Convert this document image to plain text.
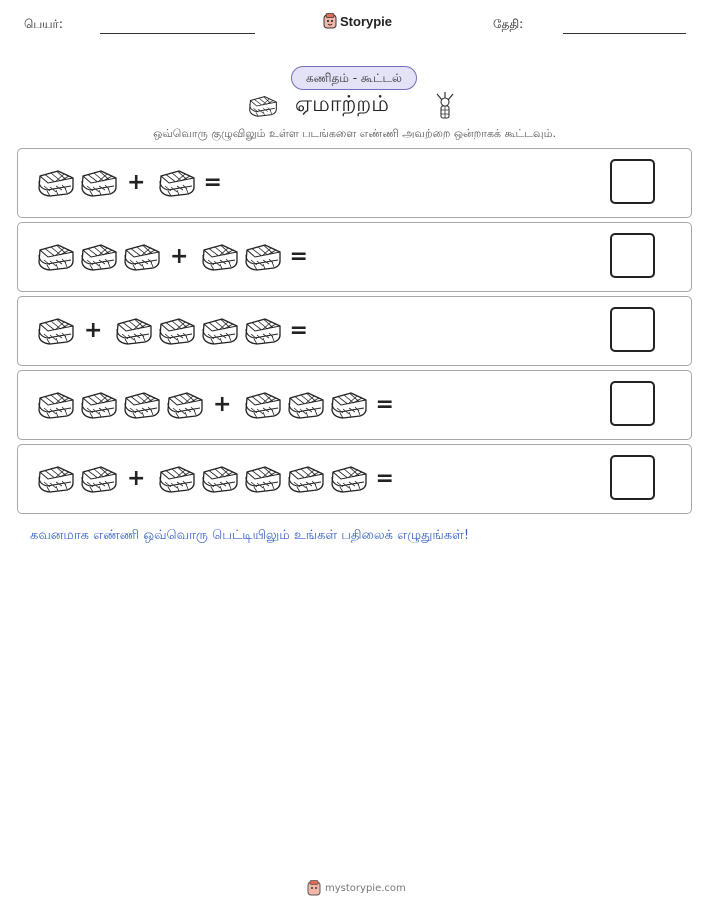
பெயர்:	Storypie	தேதி:
கணிதம் - கூட்டல்
ஏமாற்றம்
ஒவ்வொரு குழுவிலும் உள்ள படங்களை எண்ணி அவற்றை ஒன்றாகக் கூட்டவும்.
+	=
+	=
+	=
+	=
+	=
கவனமாக எண்ணி ஒவ்வொரு பெட்டியிலும் உங்கள் பதிலைக் எழுதுங்கள்!
mystorypie.com
